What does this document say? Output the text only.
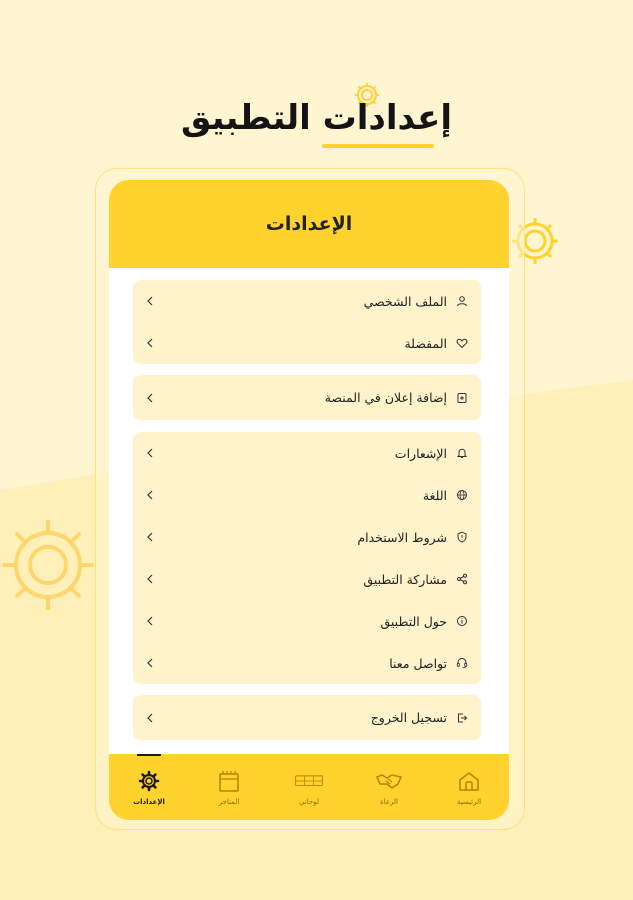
إعدادات التطبيق
الإعدادات
الملف الشخصي
المفضلة
إضافة إعلان في المنصة
الإشعارات
اللغة
شروط الاستخدام
مشاركة التطبيق
حول التطبيق
تواصل معنا
تسجيل الخروج
الرئيسية
الرعاة
لوحاتي
المتاجر
الإعدادات
